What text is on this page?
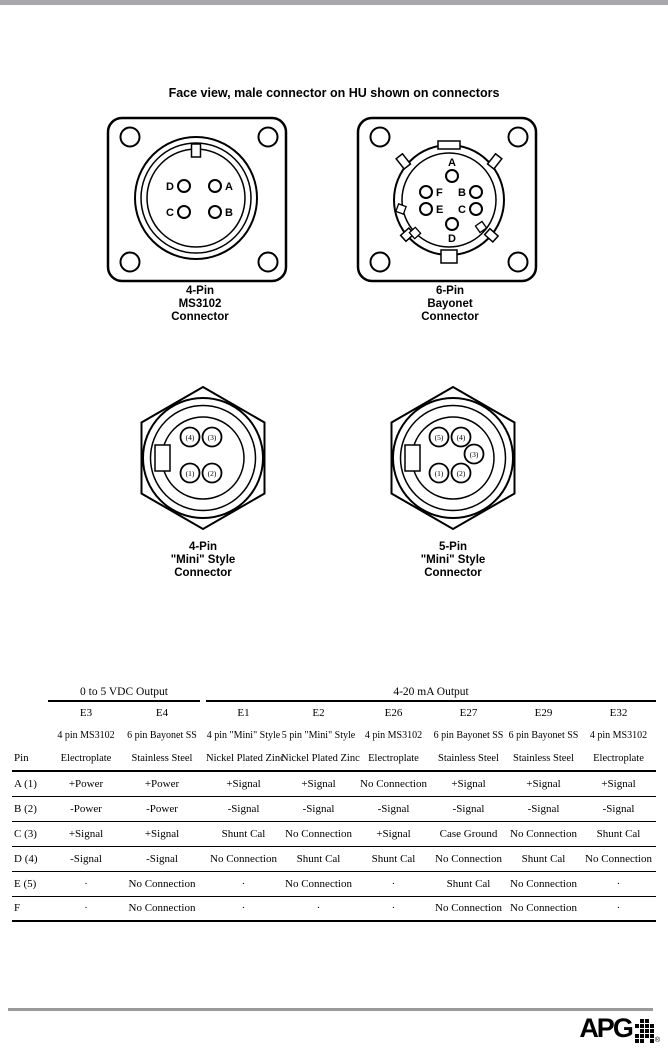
Face view, male connector on HU shown on connectors
D	A
C	B
4-Pin
MS3102
Connector
A
F B
E C
D
6-Pin
Bayonet
Connector
(4) (3)
(1) (2)
4-Pin
"Mini" Style
Connector
(5) (4)
(3)
(1) (2)
5-Pin
"Mini" Style
Connector
	0 to 5 VDC Output			4-20 mA Output					
	E3	E4		E1	E2	E26	E27	E29	E32
	4 pin MS3102	6 pin Bayonet SS		4 pin "Mini" Style	5 pin "Mini" Style	4 pin MS3102	6 pin Bayonet SS	6 pin Bayonet SS	4 pin MS3102
Pin	Electroplate	Stainless Steel		Nickel Plated Zinc	Nickel Plated Zinc	Electroplate	Stainless Steel	Stainless Steel	Electroplate
A (1)	+Power	+Power		+Signal	+Signal	No Connection	+Signal	+Signal	+Signal
B (2)	-Power	-Power		-Signal	-Signal	-Signal	-Signal	-Signal	-Signal
C (3)	+Signal	+Signal		Shunt Cal	No Connection	+Signal	Case Ground	No Connection	Shunt Cal
D (4)	-Signal	-Signal		No Connection	Shunt Cal	Shunt Cal	No Connection	Shunt Cal	No Connection
E (5)	·	No Connection		·	No Connection	·	Shunt Cal	No Connection	·
F	·	No Connection		·	·	·	No Connection	No Connection	·
APG	®
